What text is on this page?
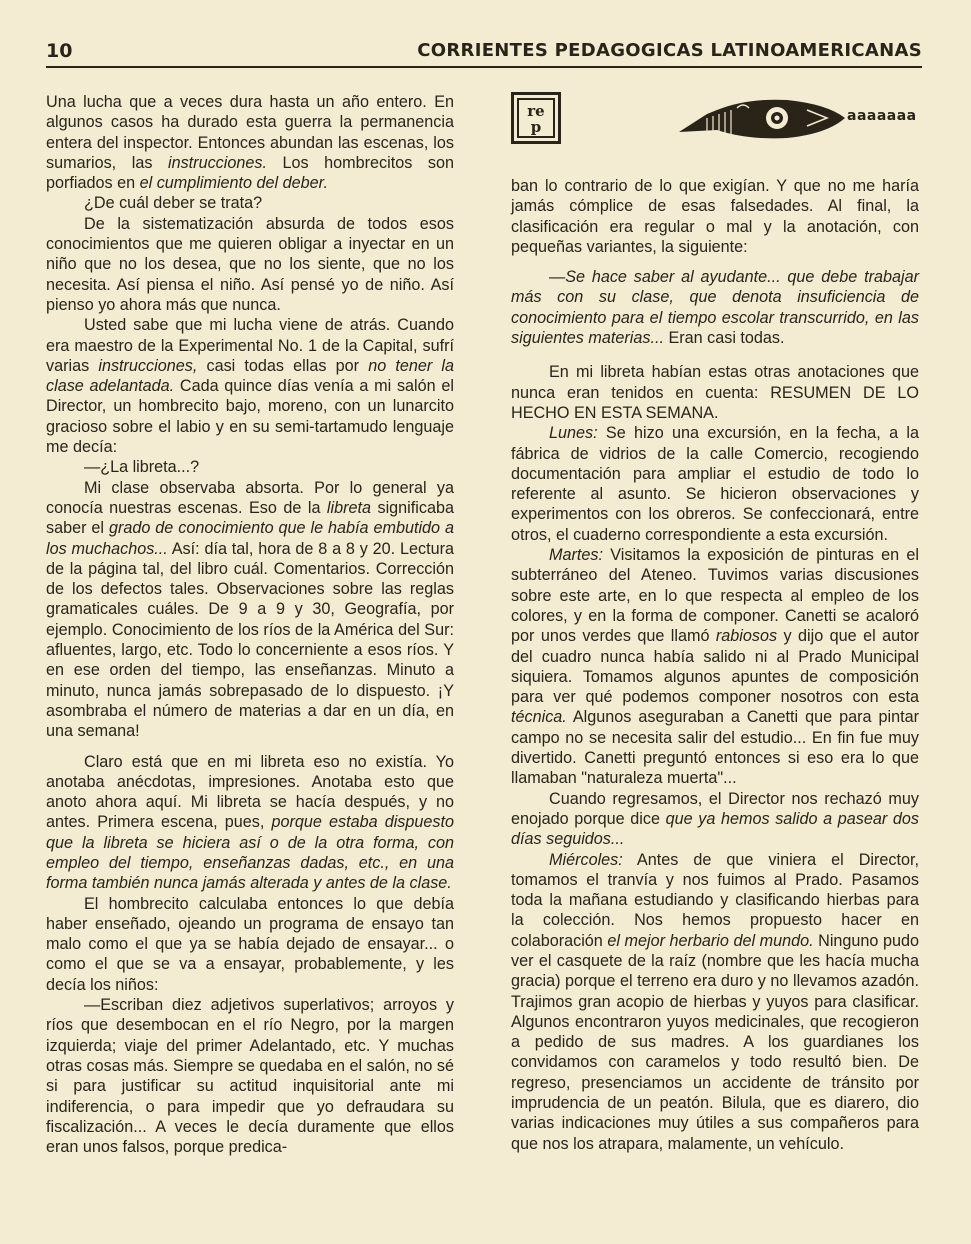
10	CORRIENTES PEDAGOGICAS LATINOAMERICANAS

Una lucha que a veces dura hasta un año entero. En algunos casos ha durado esta guerra la permanencia entera del inspector. Entonces abundan las escenas, los sumarios, las instrucciones. Los hombrecitos son porfiados en el cumplimiento del deber.

¿De cuál deber se trata?

De la sistematización absurda de todos esos conocimientos que me quieren obligar a inyectar en un niño que no los desea, que no los siente, que no los necesita. Así piensa el niño. Así pensé yo de niño. Así pienso yo ahora más que nunca.

Usted sabe que mi lucha viene de atrás. Cuando era maestro de la Experimental No. 1 de la Capital, sufrí varias instrucciones, casi todas ellas por no tener la clase adelantada. Cada quince días venía a mi salón el Director, un hombrecito bajo, moreno, con un lunarcito gracioso sobre el labio y en su semi-tartamudo lenguaje me decía:

—¿La libreta...?

Mi clase observaba absorta. Por lo general ya conocía nuestras escenas. Eso de la libreta significaba saber el grado de conocimiento que le había embutido a los muchachos... Así: día tal, hora de 8 a 8 y 20. Lectura de la página tal, del libro cuál. Comentarios. Corrección de los defectos tales. Observaciones sobre las reglas gramaticales cuáles. De 9 a 9 y 30, Geografía, por ejemplo. Conocimiento de los ríos de la América del Sur: afluentes, largo, etc. Todo lo concerniente a esos ríos. Y en ese orden del tiempo, las enseñanzas. Minuto a minuto, nunca jamás sobrepasado de lo dispuesto. ¡Y asombraba el número de materias a dar en un día, en una semana!

Claro está que en mi libreta eso no existía. Yo anotaba anécdotas, impresiones. Anotaba esto que anoto ahora aquí. Mi libreta se hacía después, y no antes. Primera escena, pues, porque estaba dispuesto que la libreta se hiciera así o de la otra forma, con empleo del tiempo, enseñanzas dadas, etc., en una forma también nunca jamás alterada y antes de la clase.

El hombrecito calculaba entonces lo que debía haber enseñado, ojeando un programa de ensayo tan malo como el que ya se había dejado de ensayar... o como el que se va a ensayar, probablemente, y les decía los niños:

—Escriban diez adjetivos superlativos; arroyos y ríos que desembocan en el río Negro, por la margen izquierda; viaje del primer Adelantado, etc. Y muchas otras cosas más. Siempre se quedaba en el salón, no sé si para justificar su actitud inquisitorial ante mi indiferencia, o para impedir que yo defraudara su fiscalización... A veces le decía duramente que ellos eran unos falsos, porque predica-

re
p
aaaaaaa

ban lo contrario de lo que exigían. Y que no me haría jamás cómplice de esas falsedades. Al final, la clasificación era regular o mal y la anotación, con pequeñas variantes, la siguiente:

—Se hace saber al ayudante... que debe trabajar más con su clase, que denota insuficiencia de conocimiento para el tiempo escolar transcurrido, en las siguientes materias... Eran casi todas.

En mi libreta habían estas otras anotaciones que nunca eran tenidos en cuenta: RESUMEN DE LO HECHO EN ESTA SEMANA.

Lunes: Se hizo una excursión, en la fecha, a la fábrica de vidrios de la calle Comercio, recogiendo documentación para ampliar el estudio de todo lo referente al asunto. Se hicieron observaciones y experimentos con los obreros. Se confeccionará, entre otros, el cuaderno correspondiente a esta excursión.

Martes: Visitamos la exposición de pinturas en el subterráneo del Ateneo. Tuvimos varias discusiones sobre este arte, en lo que respecta al empleo de los colores, y en la forma de componer. Canetti se acaloró por unos verdes que llamó rabiosos y dijo que el autor del cuadro nunca había salido ni al Prado Municipal siquiera. Tomamos algunos apuntes de composición para ver qué podemos componer nosotros con esta técnica. Algunos aseguraban a Canetti que para pintar campo no se necesita salir del estudio... En fin fue muy divertido. Canetti preguntó entonces si eso era lo que llamaban "naturaleza muerta"...

Cuando regresamos, el Director nos rechazó muy enojado porque dice que ya hemos salido a pasear dos días seguidos...

Miércoles: Antes de que viniera el Director, tomamos el tranvía y nos fuimos al Prado. Pasamos toda la mañana estudiando y clasificando hierbas para la colección. Nos hemos propuesto hacer en colaboración el mejor herbario del mundo. Ninguno pudo ver el casquete de la raíz (nombre que les hacía mucha gracia) porque el terreno era duro y no llevamos azadón. Trajimos gran acopio de hierbas y yuyos para clasificar. Algunos encontraron yuyos medicinales, que recogieron a pedido de sus madres. A los guardianes los convidamos con caramelos y todo resultó bien. De regreso, presenciamos un accidente de tránsito por imprudencia de un peatón. Bilula, que es diarero, dio varias indicaciones muy útiles a sus compañeros para que nos los atrapara, malamente, un vehículo.
